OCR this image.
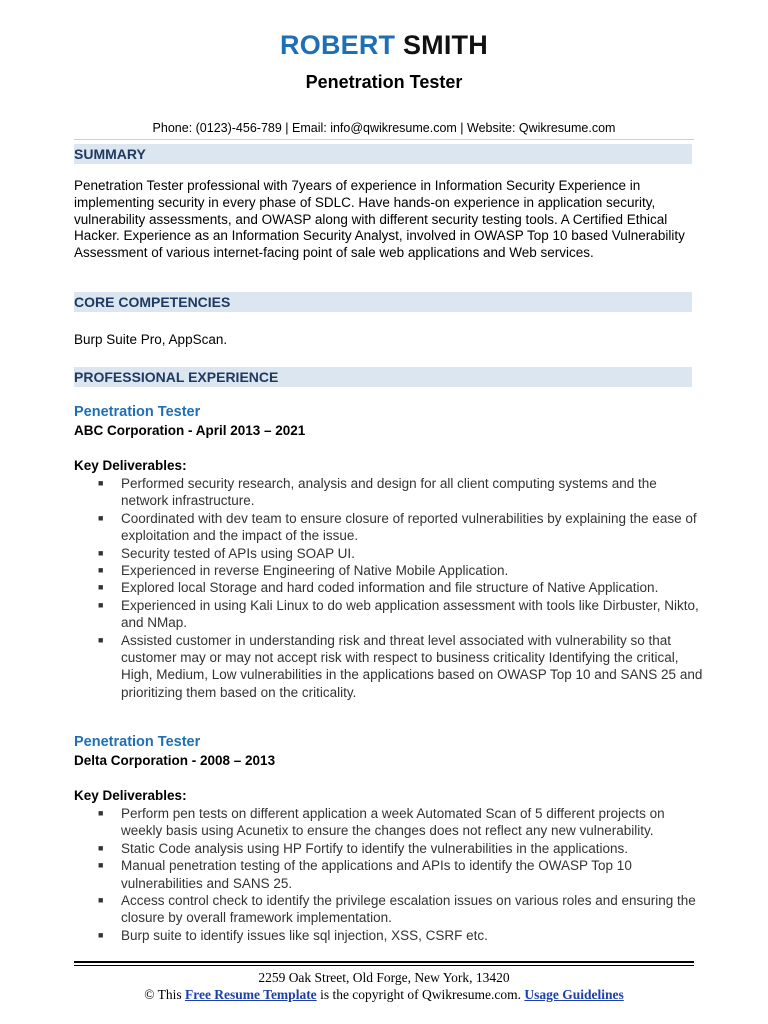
ROBERT SMITH
Penetration Tester
Phone: (0123)-456-789 | Email: info@qwikresume.com | Website: Qwikresume.com
SUMMARY
Penetration Tester professional with 7years of experience in Information Security Experience in implementing security in every phase of SDLC. Have hands-on experience in application security, vulnerability assessments, and OWASP along with different security testing tools. A Certified Ethical Hacker. Experience as an Information Security Analyst, involved in OWASP Top 10 based Vulnerability Assessment of various internet-facing point of sale web applications and Web services.
CORE COMPETENCIES
Burp Suite Pro, AppScan.
PROFESSIONAL EXPERIENCE
Penetration Tester
ABC Corporation - April 2013 – 2021
Key Deliverables:
■ Performed security research, analysis and design for all client computing systems and the network infrastructure.
■ Coordinated with dev team to ensure closure of reported vulnerabilities by explaining the ease of exploitation and the impact of the issue.
■ Security tested of APIs using SOAP UI.
■ Experienced in reverse Engineering of Native Mobile Application.
■ Explored local Storage and hard coded information and file structure of Native Application.
■ Experienced in using Kali Linux to do web application assessment with tools like Dirbuster, Nikto, and NMap.
■ Assisted customer in understanding risk and threat level associated with vulnerability so that customer may or may not accept risk with respect to business criticality Identifying the critical, High, Medium, Low vulnerabilities in the applications based on OWASP Top 10 and SANS 25 and prioritizing them based on the criticality.
Penetration Tester
Delta Corporation - 2008 – 2013
Key Deliverables:
■ Perform pen tests on different application a week Automated Scan of 5 different projects on weekly basis using Acunetix to ensure the changes does not reflect any new vulnerability.
■ Static Code analysis using HP Fortify to identify the vulnerabilities in the applications.
■ Manual penetration testing of the applications and APIs to identify the OWASP Top 10 vulnerabilities and SANS 25.
■ Access control check to identify the privilege escalation issues on various roles and ensuring the closure by overall framework implementation.
■ Burp suite to identify issues like sql injection, XSS, CSRF etc.
2259 Oak Street, Old Forge, New York, 13420
© This Free Resume Template is the copyright of Qwikresume.com. Usage Guidelines
